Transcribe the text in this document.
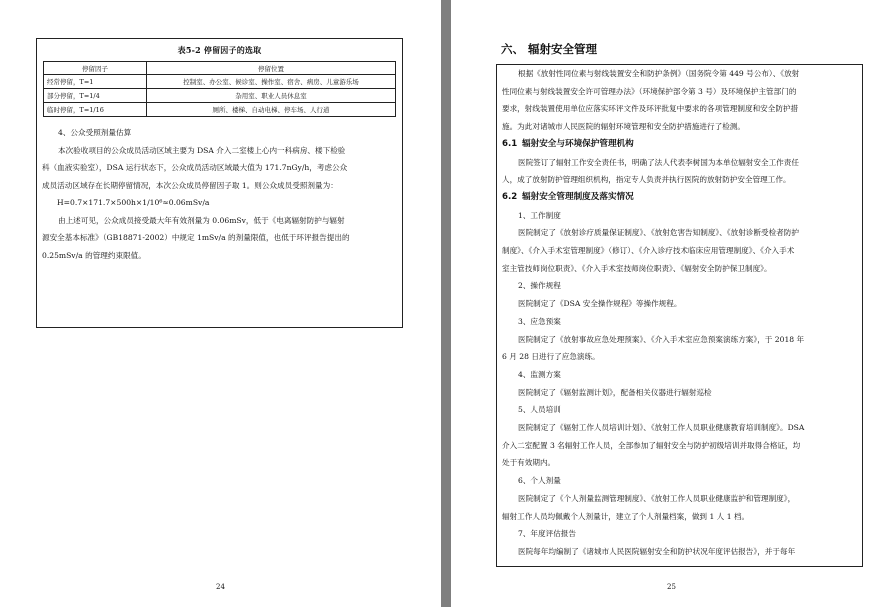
表5-2 停留因子的选取
停留因子	停留位置
经常停留，T=1	控制室、办公室、候诊室、操作室、宿舍、病房、儿童游乐场
部分停留，T=1/4	杂用室、职业人员休息室
临时停留，T=1/16	厕所、楼梯、自动电梯、停车场、人行道

4、公众受照剂量估算

本次验收项目的公众成员活动区域主要为 DSA 介入二室楼上心内一科病房、楼下检验

科（血液实验室），DSA 运行状态下，公众成员活动区域最大值为 171.7nGy/h，考虑公众

成员活动区域存在长期停留情况，本次公众成员停留因子取 1。则公众成员受照剂量为：

H=0.7×171.7×500h×1/10⁶≈0.06mSv/a

由上述可见，公众成员接受最大年有效剂量为 0.06mSv，低于《电离辐射防护与辐射

源安全基本标准》（GB18871-2002）中规定 1mSv/a 的剂量限值，也低于环评报告提出的

0.25mSv/a 的管理约束限值。

24
六、 辐射安全管理

根据《放射性同位素与射线装置安全和防护条例》（国务院令第 449 号公布）、《放射

性同位素与射线装置安全许可管理办法》（环境保护部令第 3 号）及环境保护主管部门的

要求，射线装置使用单位应落实环评文件及环评批复中要求的各项管理制度和安全防护措

施。为此对诸城市人民医院的辐射环境管理和安全防护措施进行了检测。

6.1 辐射安全与环境保护管理机构

医院签订了辐射工作安全责任书，明确了法人代表李树国为本单位辐射安全工作责任

人，成了放射防护管理组织机构，指定专人负责并执行医院的放射防护安全管理工作。

6.2 辐射安全管理制度及落实情况

1、工作制度

医院制定了《放射诊疗质量保证制度》、《放射危害告知制度》、《放射诊断受检者防护

制度》、《介入手术室管理制度》（修订）、《介入诊疗技术临床应用管理制度》、《介入手术

室主管技师岗位职责》、《介入手术室技师岗位职责》、《辐射安全防护保卫制度》。

2、操作规程

医院制定了《DSA 安全操作规程》等操作规程。

3、应急预案

医院制定了《放射事故应急处理预案》、《介入手术室应急预案演练方案》，于 2018 年

6 月 28 日进行了应急演练。

4、监测方案

医院制定了《辐射监测计划》，配备相关仪器进行辐射巡检

5、人员培训

医院制定了《辐射工作人员培训计划》、《放射工作人员职业健康教育培训制度》。DSA

介入二室配置 3 名辐射工作人员，全部参加了辐射安全与防护初级培训并取得合格证，均

处于有效期内。

6、个人剂量

医院制定了《个人剂量监测管理制度》、《放射工作人员职业健康监护和管理制度》，

辐射工作人员均佩戴个人剂量计，建立了个人剂量档案，做到 1 人 1 档。

7、年度评估报告

医院每年均编制了《诸城市人民医院辐射安全和防护状况年度评估报告》，并于每年

25
